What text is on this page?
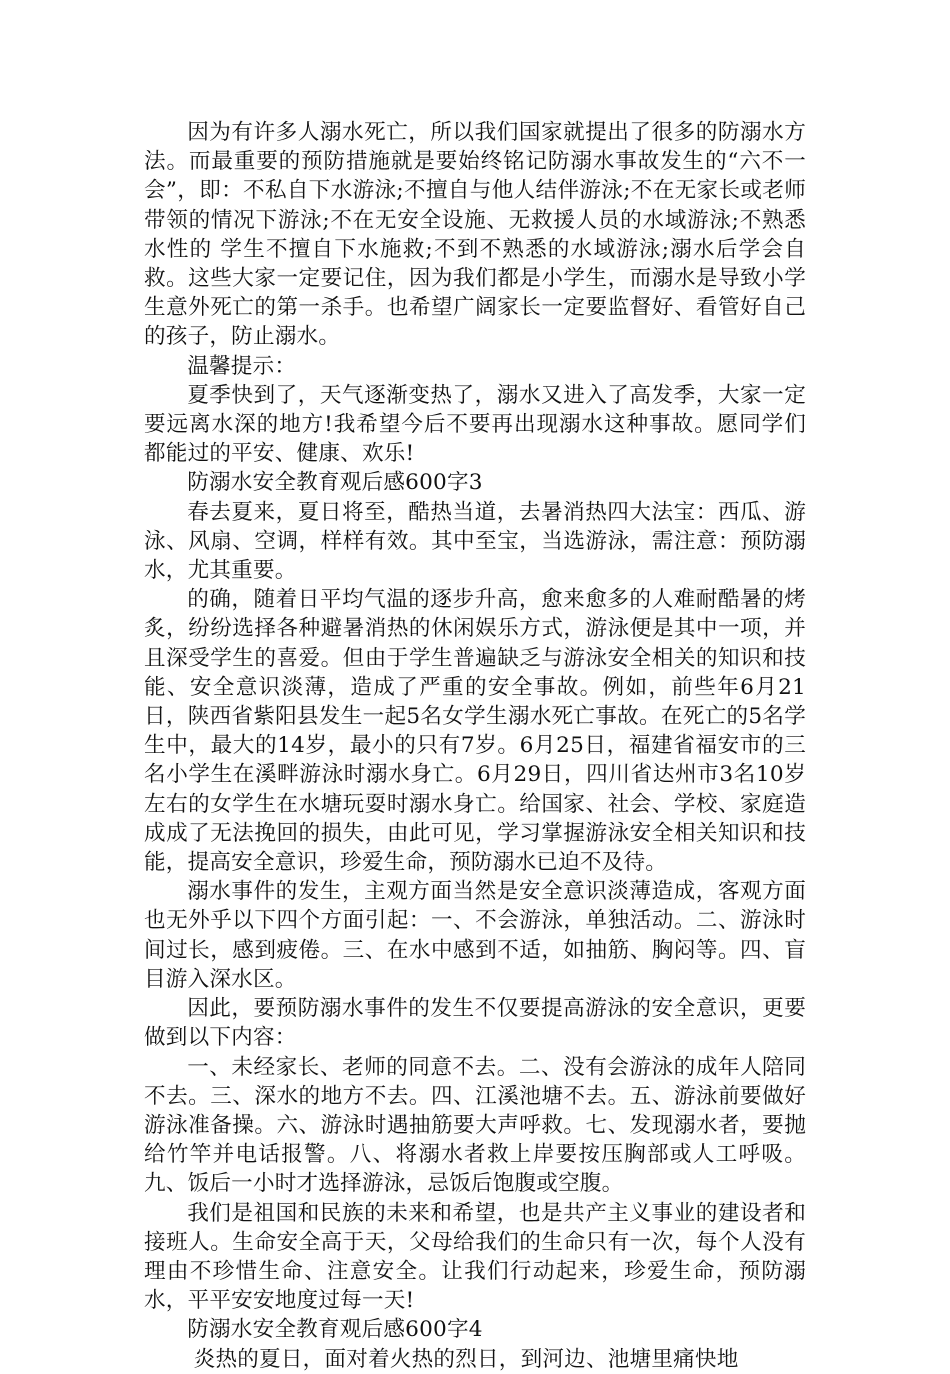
因为有许多人溺水死亡，所以我们国家就提出了很多的防溺水方法。而最重要的预防措施就是要始终铭记防溺水事故发生的“六不一会”，即：不私自下水游泳;不擅自与他人结伴游泳;不在无家长或老师带领的情况下游泳;不在无安全设施、无救援人员的水域游泳;不熟悉水性的 学生不擅自下水施救;不到不熟悉的水域游泳;溺水后学会自救。这些大家一定要记住，因为我们都是小学生，而溺水是导致小学生意外死亡的第一杀手。也希望广阔家长一定要监督好、看管好自己的孩子，防止溺水。

温馨提示：

夏季快到了，天气逐渐变热了，溺水又进入了高发季，大家一定要远离水深的地方!我希望今后不要再出现溺水这种事故。愿同学们都能过的平安、健康、欢乐!

防溺水安全教育观后感600字3

春去夏来，夏日将至，酷热当道，去暑消热四大法宝：西瓜、游泳、风扇、空调，样样有效。其中至宝，当选游泳，需注意：预防溺水，尤其重要。

的确，随着日平均气温的逐步升高，愈来愈多的人难耐酷暑的烤炙，纷纷选择各种避暑消热的休闲娱乐方式，游泳便是其中一项，并且深受学生的喜爱。但由于学生普遍缺乏与游泳安全相关的知识和技能、安全意识淡薄，造成了严重的安全事故。例如，前些年6月21日，陕西省紫阳县发生一起5名女学生溺水死亡事故。在死亡的5名学生中，最大的14岁，最小的只有7岁。6月25日，福建省福安市的三名小学生在溪畔游泳时溺水身亡。6月29日，四川省达州市3名10岁左右的女学生在水塘玩耍时溺水身亡。给国家、社会、学校、家庭造成成了无法挽回的损失，由此可见，学习掌握游泳安全相关知识和技能，提高安全意识，珍爱生命，预防溺水已迫不及待。

溺水事件的发生，主观方面当然是安全意识淡薄造成，客观方面也无外乎以下四个方面引起：一、不会游泳，单独活动。二、游泳时间过长，感到疲倦。三、在水中感到不适，如抽筋、胸闷等。四、盲目游入深水区。

因此，要预防溺水事件的发生不仅要提高游泳的安全意识，更要做到以下内容：

一、未经家长、老师的同意不去。二、没有会游泳的成年人陪同不去。三、深水的地方不去。四、江溪池塘不去。五、游泳前要做好游泳准备操。六、游泳时遇抽筋要大声呼救。七、发现溺水者，要抛给竹竿并电话报警。八、将溺水者救上岸要按压胸部或人工呼吸。九、饭后一小时才选择游泳，忌饭后饱腹或空腹。

我们是祖国和民族的未来和希望，也是共产主义事业的建设者和接班人。生命安全高于天，父母给我们的生命只有一次，每个人没有理由不珍惜生命、注意安全。让我们行动起来，珍爱生命，预防溺水，平平安安地度过每一天!

防溺水安全教育观后感600字4

炎热的夏日，面对着火热的烈日，到河边、池塘里痛快地
